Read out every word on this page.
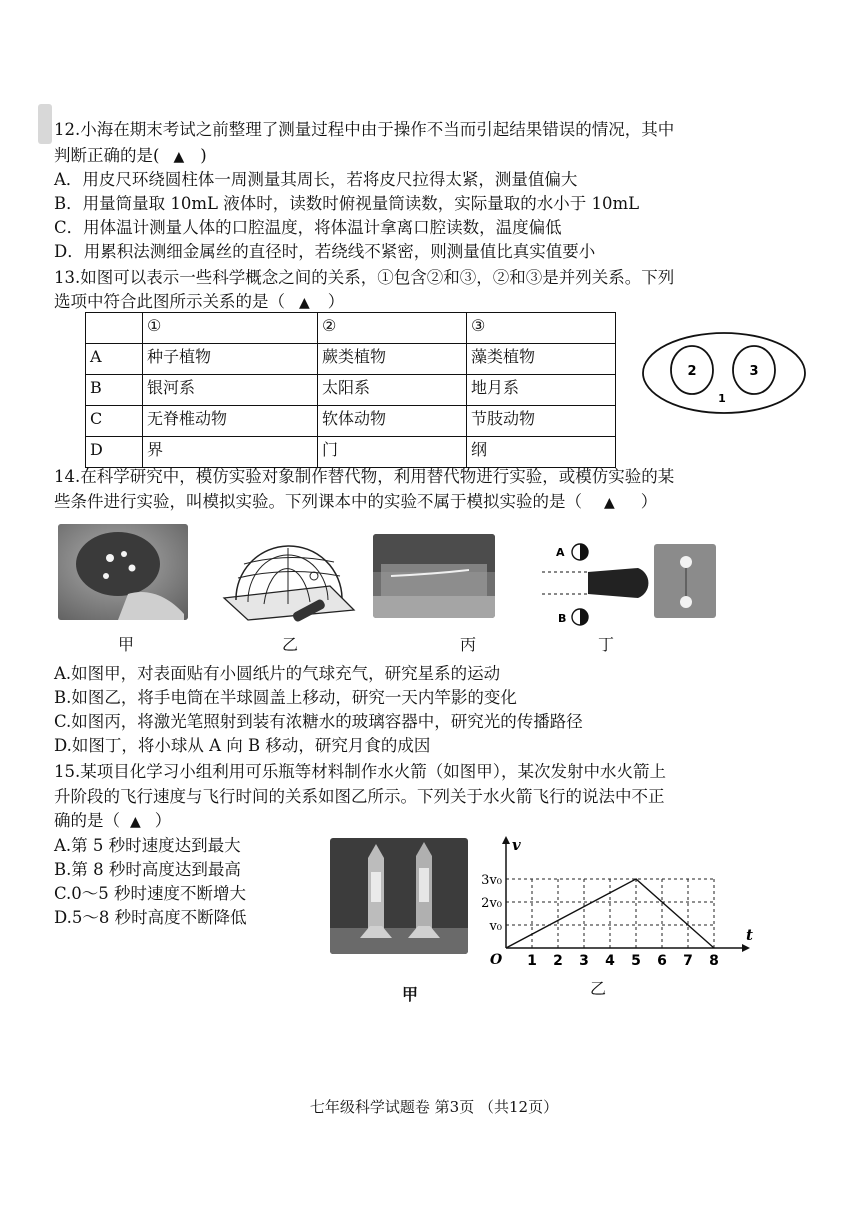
12.小海在期末考试之前整理了测量过程中由于操作不当而引起结果错误的情况，其中
判断正确的是( ▲ )
A．用皮尺环绕圆柱体一周测量其周长，若将皮尺拉得太紧，测量值偏大
B．用量筒量取 10mL 液体时，读数时俯视量筒读数，实际量取的水小于 10mL
C．用体温计测量人体的口腔温度，将体温计拿离口腔读数，温度偏低
D．用累积法测细金属丝的直径时，若绕线不紧密，则测量值比真实值要小
13.如图可以表示一些科学概念之间的关系，①包含②和③，②和③是并列关系。下列
选项中符合此图所示关系的是（ ▲ ）
	①	②	③
A	种子植物	蕨类植物	藻类植物
B	银河系	太阳系	地月系
C	无脊椎动物	软体动物	节肢动物
D	界	门	纲
2	3
1
14.在科学研究中，模仿实验对象制作替代物，利用替代物进行实验，或模仿实验的某
些条件进行实验，叫模拟实验。下列课本中的实验不属于模拟实验的是（ ▲ ）
甲	乙	丙
A
B
丁
A.如图甲，对表面贴有小圆纸片的气球充气，研究星系的运动
B.如图乙，将手电筒在半球圆盖上移动，研究一天内竿影的变化
C.如图丙，将激光笔照射到装有浓糖水的玻璃容器中，研究光的传播路径
D.如图丁，将小球从 A 向 B 移动，研究月食的成因
15.某项目化学习小组利用可乐瓶等材料制作水火箭（如图甲），某次发射中水火箭上
升阶段的飞行速度与飞行时间的关系如图乙所示。下列关于水火箭飞行的说法中不正
确的是（ ▲ ）
A.第 5 秒时速度达到最大
B.第 8 秒时高度达到最高
C.0～5 秒时速度不断增大
D.5～8 秒时高度不断降低
甲
t
v
O 1 2 3 4 5 6 7 8
v₀
2v₀
3v₀
乙
七年级科学试题卷 第3页 （共12页）
